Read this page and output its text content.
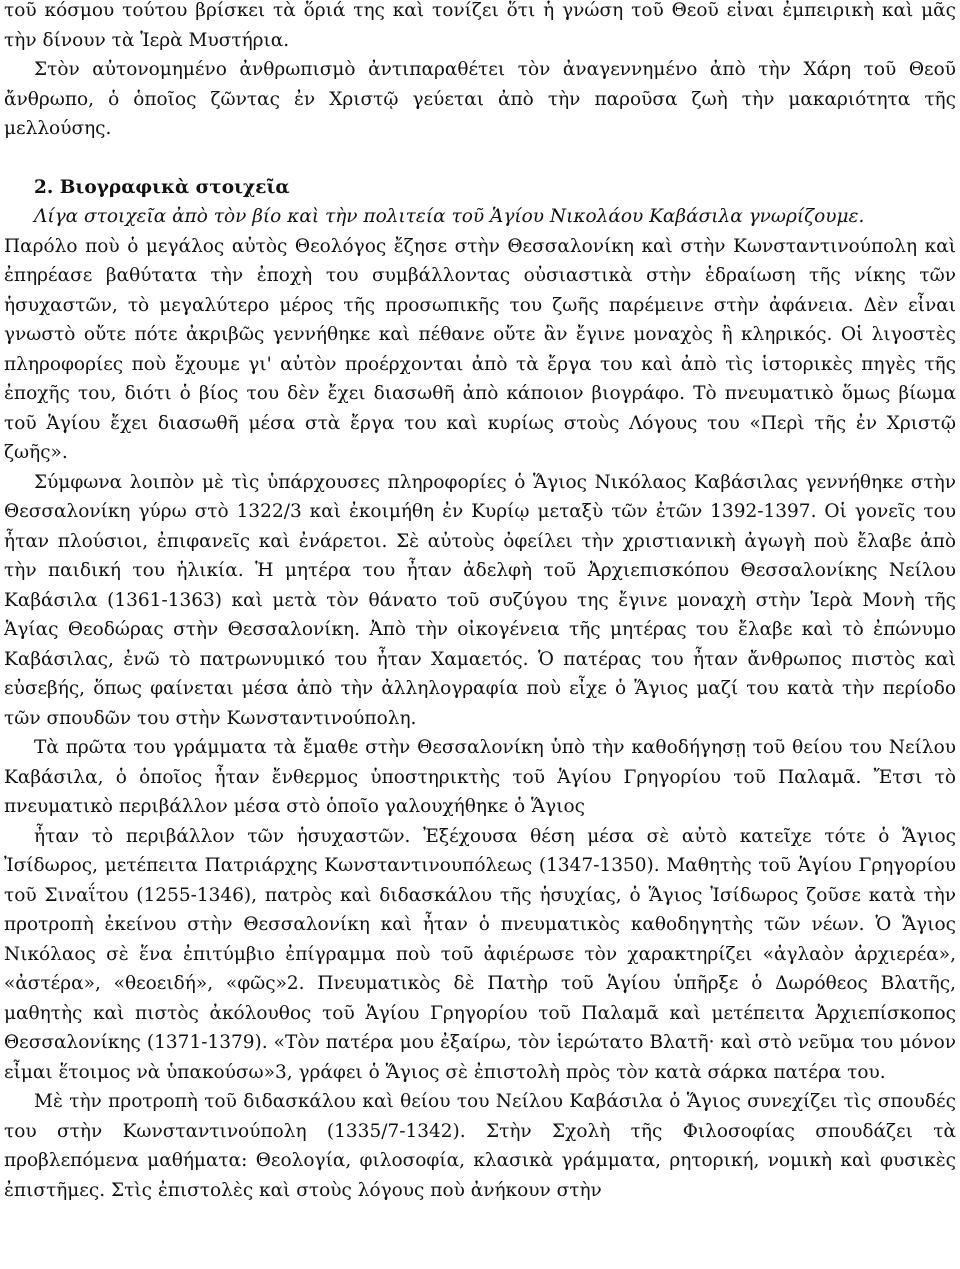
τοῦ κόσμου τούτου βρίσκει τὰ ὅριά της καὶ τονίζει ὅτι ἡ γνώση τοῦ Θεοῦ εἶναι ἐμπειρικὴ καὶ μᾶς τὴν δίνουν τὰ Ἱερὰ Μυστήρια.

Στὸν αὐτονομημένο ἀνθρωπισμὸ ἀντιπαραθέτει τὸν ἀναγεννημένο ἀπὸ τὴν Χάρη τοῦ Θεοῦ ἄνθρωπο, ὁ ὁποῖος ζῶντας ἐν Χριστῷ γεύεται ἀπὸ τὴν παροῦσα ζωὴ τὴν μακαριότητα τῆς μελλούσης.

2. Βιογραφικὰ στοιχεῖα

Λίγα στοιχεῖα ἀπὸ τὸν βίο καὶ τὴν πολιτεία τοῦ Ἁγίου Νικολάου Καβάσιλα γνωρίζουμε.

Παρόλο ποὺ ὁ μεγάλος αὐτὸς Θεολόγος ἔζησε στὴν Θεσσαλονίκη καὶ στὴν Κωνσταντινούπολη καὶ ἐπηρέασε βαθύτατα τὴν ἐποχὴ του συμβάλλοντας οὐσιαστικὰ στὴν ἑδραίωση τῆς νίκης τῶν ἡσυχαστῶν, τὸ μεγαλύτερο μέρος τῆς προσωπικῆς του ζωῆς παρέμεινε στὴν ἀφάνεια. Δὲν εἶναι γνωστὸ οὔτε πότε ἀκριβῶς γεννήθηκε καὶ πέθανε οὔτε ἂν ἔγινε μοναχὸς ἢ κληρικός. Οἱ λιγοστὲς πληροφορίες ποὺ ἔχουμε γι' αὐτὸν προέρχονται ἀπὸ τὰ ἔργα του καὶ ἀπὸ τὶς ἱστορικὲς πηγὲς τῆς ἐποχῆς του, διότι ὁ βίος του δὲν ἔχει διασωθῆ ἀπὸ κάποιον βιογράφο. Τὸ πνευματικὸ ὅμως βίωμα τοῦ Ἁγίου ἔχει διασωθῆ μέσα στὰ ἔργα του καὶ κυρίως στοὺς Λόγους του «Περὶ τῆς ἐν Χριστῷ ζωῆς».

Σύμφωνα λοιπὸν μὲ τὶς ὑπάρχουσες πληροφορίες ὁ Ἅγιος Νικόλαος Καβάσιλας γεννήθηκε στὴν Θεσσαλονίκη γύρω στὸ 1322/3 καὶ ἐκοιμήθη ἐν Κυρίῳ μεταξὺ τῶν ἐτῶν 1392-1397. Οἱ γονεῖς του ἦταν πλούσιοι, ἐπιφανεῖς καὶ ἐνάρετοι. Σὲ αὐτοὺς ὀφείλει τὴν χριστιανικὴ ἀγωγὴ ποὺ ἔλαβε ἀπὸ τὴν παιδική του ἡλικία. Ἡ μητέρα του ἦταν ἀδελφὴ τοῦ Ἀρχιεπισκόπου Θεσσαλονίκης Νείλου Καβάσιλα (1361-1363) καὶ μετὰ τὸν θάνατο τοῦ συζύγου της ἔγινε μοναχὴ στὴν Ἱερὰ Μονὴ τῆς Ἁγίας Θεοδώρας στὴν Θεσσαλονίκη. Ἀπὸ τὴν οἰκογένεια τῆς μητέρας του ἔλαβε καὶ τὸ ἐπώνυμο Καβάσιλας, ἐνῶ τὸ πατρωνυμικό του ἦταν Χαμαετός. Ὁ πατέρας του ἦταν ἄνθρωπος πιστὸς καὶ εὐσεβής, ὅπως φαίνεται μέσα ἀπὸ τὴν ἀλληλογραφία ποὺ εἶχε ὁ Ἅγιος μαζί του κατὰ τὴν περίοδο τῶν σπουδῶν του στὴν Κωνσταντινούπολη.

Τὰ πρῶτα του γράμματα τὰ ἔμαθε στὴν Θεσσαλονίκη ὑπὸ τὴν καθοδήγησῃ τοῦ θείου του Νείλου Καβάσιλα, ὁ ὁποῖος ἦταν ἔνθερμος ὑποστηρικτὴς τοῦ Ἁγίου Γρηγορίου τοῦ Παλαμᾶ. Ἔτσι τὸ πνευματικὸ περιβάλλον μέσα στὸ ὁποῖο γαλουχήθηκε ὁ Ἅγιος

ἦταν τὸ περιβάλλον τῶν ἡσυχαστῶν. Ἐξέχουσα θέση μέσα σὲ αὐτὸ κατεῖχε τότε ὁ Ἅγιος Ἰσίδωρος, μετέπειτα Πατριάρχης Κωνσταντινουπόλεως (1347-1350). Μαθητὴς τοῦ Ἁγίου Γρηγορίου τοῦ Σιναΐτου (1255-1346), πατρὸς καὶ διδασκάλου τῆς ἡσυχίας, ὁ Ἅγιος Ἰσίδωρος ζοῦσε κατὰ τὴν προτροπὴ ἐκείνου στὴν Θεσσαλονίκη καὶ ἦταν ὁ πνευματικὸς καθοδηγητὴς τῶν νέων. Ὁ Ἅγιος Νικόλαος σὲ ἕνα ἐπιτύμβιο ἐπίγραμμα ποὺ τοῦ ἀφιέρωσε τὸν χαρακτηρίζει «ἀγλαὸν ἀρχιερέα», «ἀστέρα», «θεοειδή», «φῶς»2. Πνευματικὸς δὲ Πατὴρ τοῦ Ἁγίου ὑπῆρξε ὁ Δωρόθεος Βλατῆς, μαθητὴς καὶ πιστὸς ἀκόλουθος τοῦ Ἁγίου Γρηγορίου τοῦ Παλαμᾶ καὶ μετέπειτα Ἀρχιεπίσκοπος Θεσσαλονίκης (1371-1379). «Τὸν πατέρα μου ἐξαίρω, τὸν ἱερώτατο Βλατῆ· καὶ στὸ νεῦμα του μόνον εἶμαι ἕτοιμος νὰ ὑπακούσω»3, γράφει ὁ Ἅγιος σὲ ἐπιστολὴ πρὸς τὸν κατὰ σάρκα πατέρα του.

Μὲ τὴν προτροπὴ τοῦ διδασκάλου καὶ θείου του Νείλου Καβάσιλα ὁ Ἅγιος συνεχίζει τὶς σπουδές του στὴν Κωνσταντινούπολη (1335/7-1342). Στὴν Σχολὴ τῆς Φιλοσοφίας σπουδάζει τὰ προβλεπόμενα μαθήματα: Θεολογία, φιλοσοφία, κλασικὰ γράμματα, ρητορική, νομικὴ καὶ φυσικὲς ἐπιστῆμες. Στὶς ἐπιστολὲς καὶ στοὺς λόγους ποὺ ἀνήκουν στὴν
